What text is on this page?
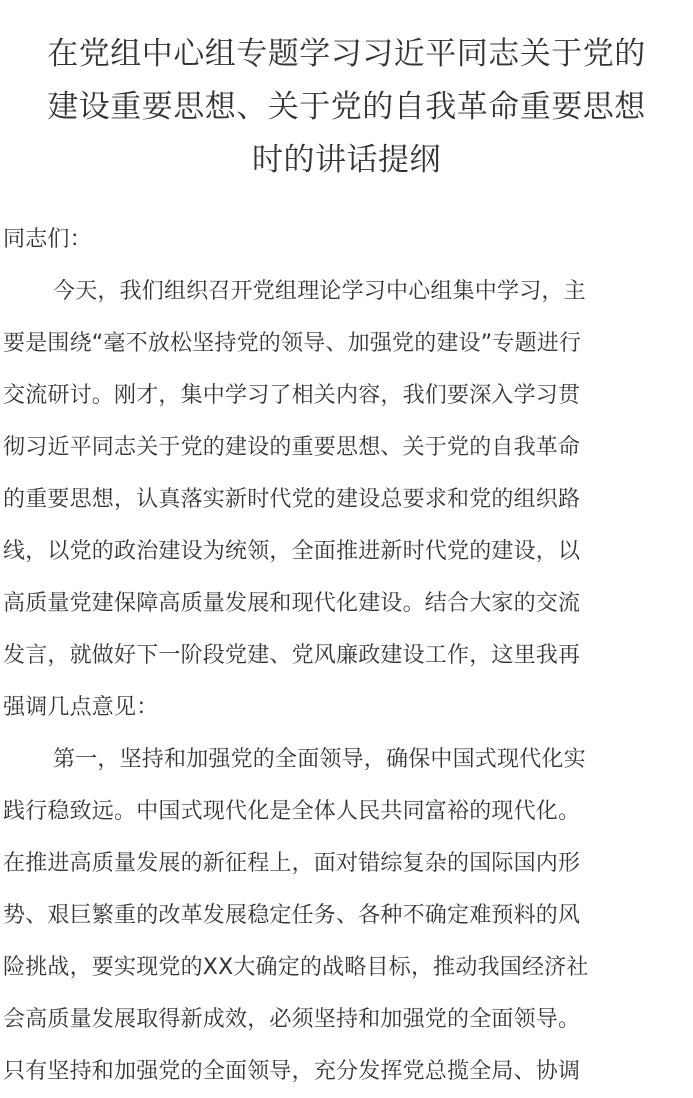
在党组中心组专题学习习近平同志关于党的
建设重要思想、关于党的自我革命重要思想
时的讲话提纲
同志们：
今天，我们组织召开党组理论学习中心组集中学习，主
要是围绕“毫不放松坚持党的领导、加强党的建设”专题进行
交流研讨。刚才，集中学习了相关内容，我们要深入学习贯
彻习近平同志关于党的建设的重要思想、关于党的自我革命
的重要思想，认真落实新时代党的建设总要求和党的组织路
线，以党的政治建设为统领，全面推进新时代党的建设，以
高质量党建保障高质量发展和现代化建设。结合大家的交流
发言，就做好下一阶段党建、党风廉政建设工作，这里我再
强调几点意见：
第一，坚持和加强党的全面领导，确保中国式现代化实
践行稳致远。中国式现代化是全体人民共同富裕的现代化。
在推进高质量发展的新征程上，面对错综复杂的国际国内形
势、艰巨繁重的改革发展稳定任务、各种不确定难预料的风
险挑战，要实现党的XX大确定的战略目标，推动我国经济社
会高质量发展取得新成效，必须坚持和加强党的全面领导。
只有坚持和加强党的全面领导，充分发挥党总揽全局、协调
